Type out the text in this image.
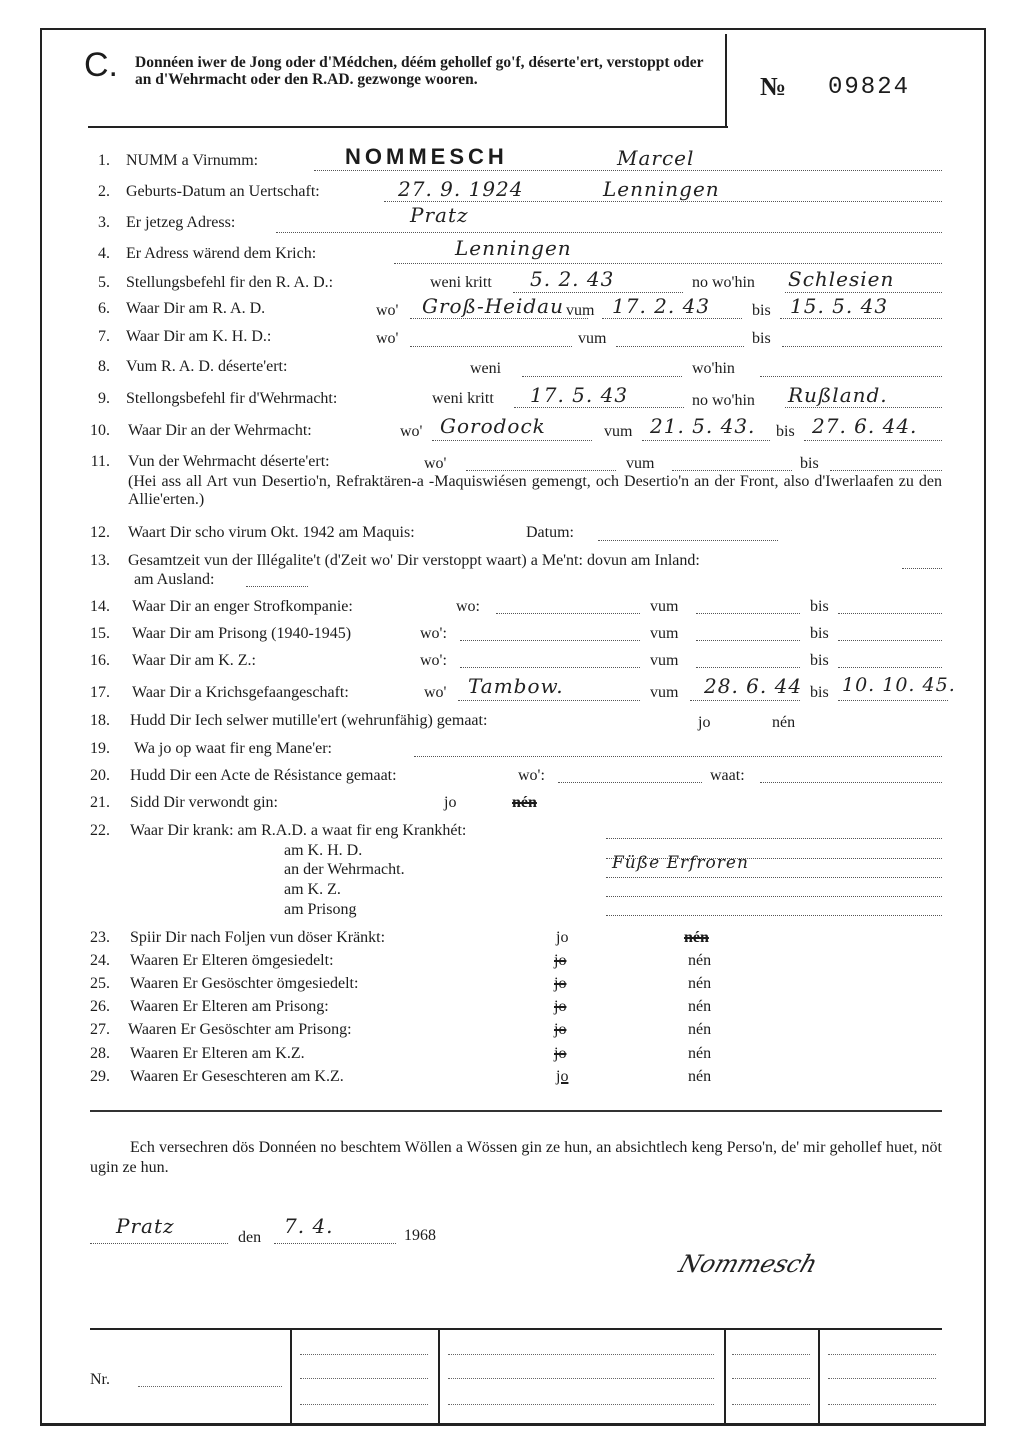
C. Donnéen iwer de Jong oder d'Médchen, déém gehollef go'f, déserte'ert, verstoppt oder an d'Wehrmacht oder den R.AD. gezwonge wooren.	№ 09824
1. NUMM a Virnumm:	NOMMESCH	Marcel
2. Geburts-Datum an Uertschaft:	27. 9. 1924	Lenningen
3. Er jetzeg Adress:	Pratz
4. Er Adress wärend dem Krich:	Lenningen
5. Stellungsbefehl fir den R. A. D.:	weni kritt 5. 2. 43	no wo'hin Schlesien
6. Waar Dir am R. A. D.	wo' Groß-Heidau vum 17. 2. 43	bis 15. 5. 43
7. Waar Dir am K. H. D.:	wo'	vum	bis
8. Vum R. A. D. déserte'ert:	weni	wo'hin
9. Stellongsbefehl fir d'Wehrmacht:	weni kritt 17. 5. 43	no wo'hin Rußland.
10. Waar Dir an der Wehrmacht:	wo' Gorodock	vum 21. 5. 43. bis 27. 6. 44.
11. Vun der Wehrmacht déserte'ert:	wo'	vum	bis
(Hei ass all Art vun Desertio'n, Refraktären-a -Maquiswiésen gemengt, och Desertio'n an der Front, also d'Iwerlaafen zu den Allie'erten.)
12. Waart Dir scho virum Okt. 1942 am Maquis:	Datum:
13. Gesamtzeit vun der Illégalite't (d'Zeit wo' Dir verstoppt waart) a Me'nt: dovun am Inland:
am Ausland:
14. Waar Dir an enger Strofkompanie:	wo:	vum	bis
15. Waar Dir am Prisong (1940-1945)	wo':	vum	bis
16. Waar Dir am K. Z.:	wo':	vum	bis
17. Waar Dir a Krichsgefaangeschaft:	wo' Tambow.	vum 28. 6. 44 bis 10. 10. 45.
18. Hudd Dir Iech selwer mutille'ert (wehrunfähig) gemaat:	jo	nén
19. Wa jo op waat fir eng Mane'er:
20. Hudd Dir een Acte de Résistance gemaat:	wo':	waat:
21. Sidd Dir verwondt gin:	jo	nén
22. Waar Dir krank: am R.A.D. a waat fir eng Krankhét:
am K. H. D.
an der Wehrmacht.	Füße Erfroren
am K. Z.
am Prisong
23. Spiir Dir nach Foljen vun döser Kränkt:	jo	nén
24. Waaren Er Elteren ömgesiedelt:	jo	nén
25. Waaren Er Gesöschter ömgesiedelt:	jo	nén
26. Waaren Er Elteren am Prisong:	jo	nén
27. Waaren Er Gesöschter am Prisong:	jo	nén
28. Waaren Er Elteren am K.Z.	jo	nén
29. Waaren Er Geseschteren am K.Z.	jo	nén
Ech versechren dös Donnéen no beschtem Wöllen a Wössen gin ze hun, an absichtlech keng Perso'n, de' mir gehollef huet, nöt ugin ze hun.
Pratz	den 7. 4.	1968
Nommesch
Nr.
